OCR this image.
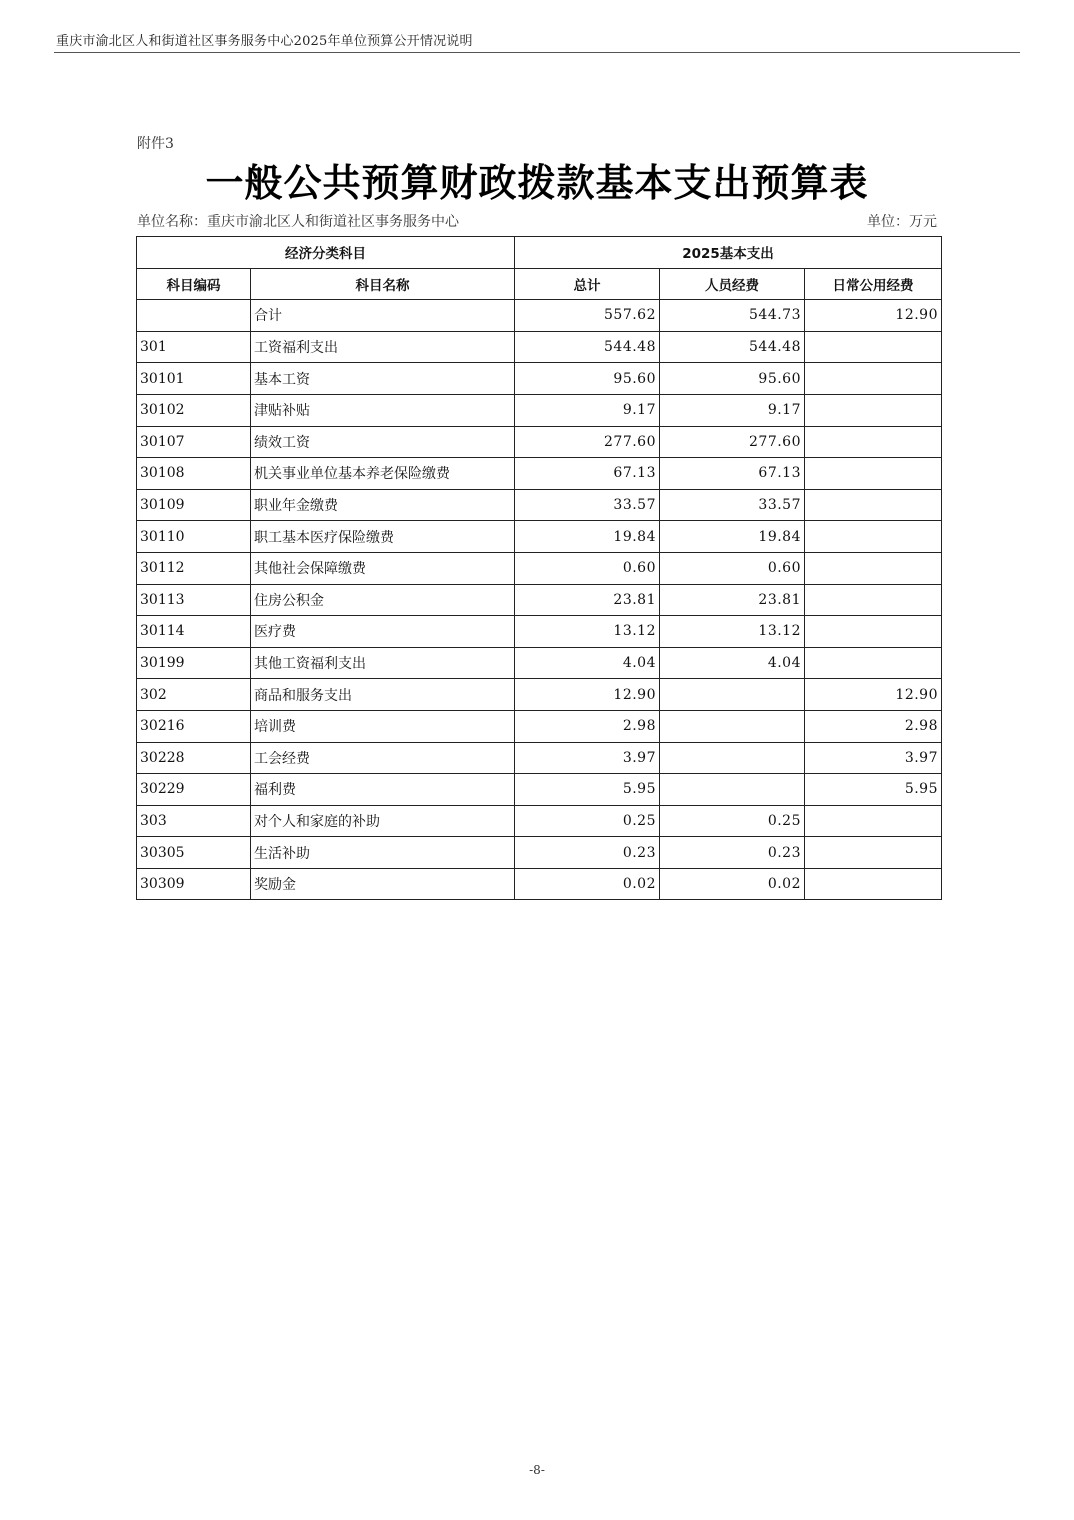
重庆市渝北区人和街道社区事务服务中心2025年单位预算公开情况说明
附件3
一般公共预算财政拨款基本支出预算表
单位名称：重庆市渝北区人和街道社区事务服务中心	单位：万元
经济分类科目		2025基本支出		
科目编码	科目名称	总计	人员经费	日常公用经费
	合计	557.62	544.73	12.90
301	工资福利支出	544.48	544.48	
30101	基本工资	95.60	95.60	
30102	津贴补贴	9.17	9.17	
30107	绩效工资	277.60	277.60	
30108	机关事业单位基本养老保险缴费	67.13	67.13	
30109	职业年金缴费	33.57	33.57	
30110	职工基本医疗保险缴费	19.84	19.84	
30112	其他社会保障缴费	0.60	0.60	
30113	住房公积金	23.81	23.81	
30114	医疗费	13.12	13.12	
30199	其他工资福利支出	4.04	4.04	
302	商品和服务支出	12.90		12.90
30216	培训费	2.98		2.98
30228	工会经费	3.97		3.97
30229	福利费	5.95		5.95
303	对个人和家庭的补助	0.25	0.25	
30305	生活补助	0.23	0.23	
30309	奖励金	0.02	0.02	
-8-
